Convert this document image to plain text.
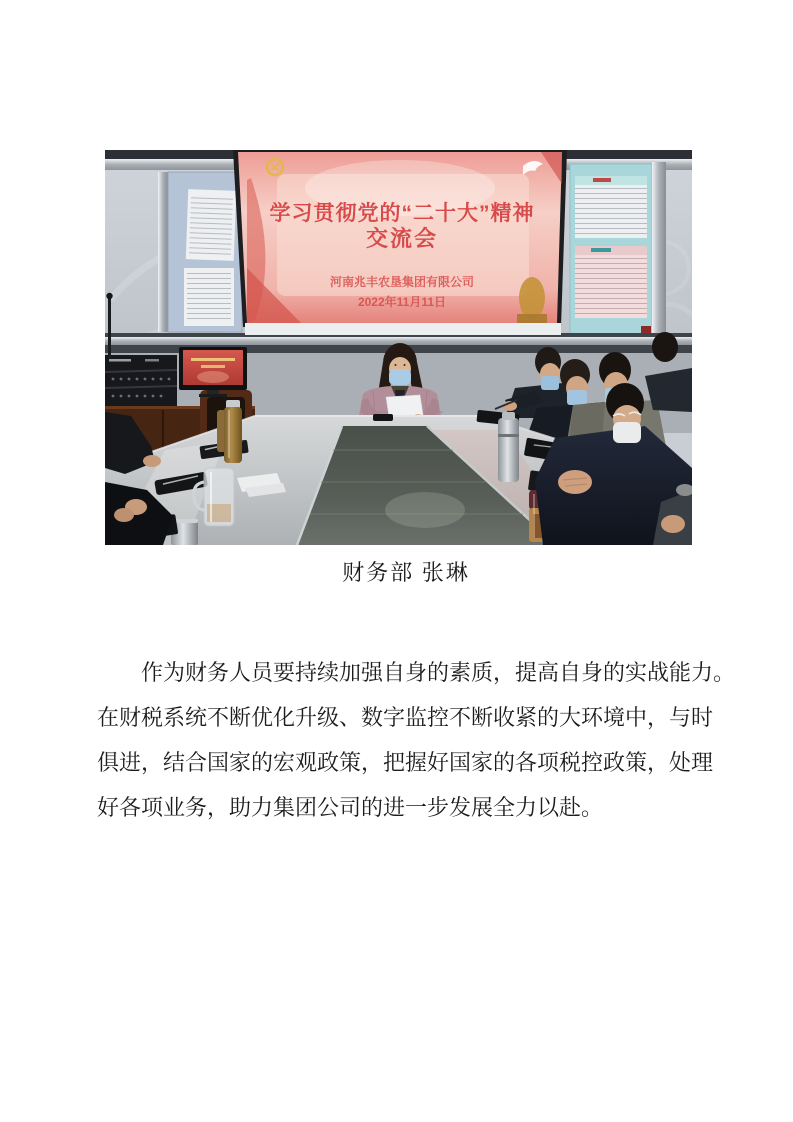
学习贯彻党的“二十大”精神
交流会
河南兆丰农垦集团有限公司
2022年11月11日
财务部 张琳
作为财务人员要持续加强自身的素质，提高自身的实战能力。
在财税系统不断优化升级、数字监控不断收紧的大环境中，与时
俱进，结合国家的宏观政策，把握好国家的各项税控政策，处理
好各项业务，助力集团公司的进一步发展全力以赴。
